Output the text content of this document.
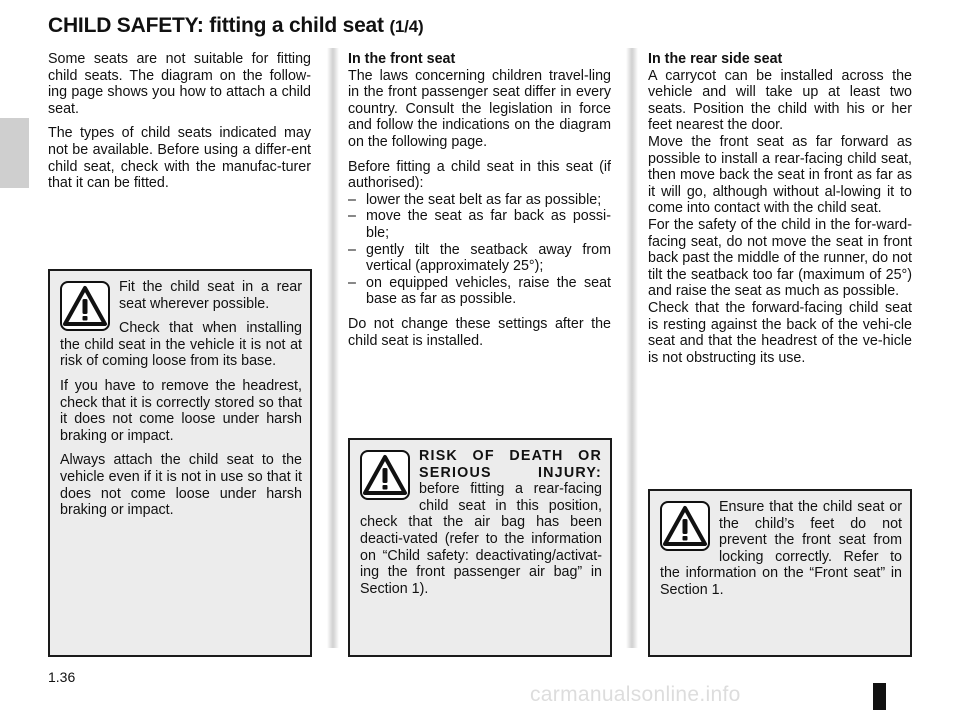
CHILD SAFETY: fitting a child seat (1/4)

Some seats are not suitable for fitting child seats. The diagram on the follow-ing page shows you how to attach a child seat.

The types of child seats indicated may not be available. Before using a differ-ent child seat, check with the manufac-turer that it can be fitted.

Fit the child seat in a rear seat wherever possible.

Check that when installing the child seat in the vehicle it is not at risk of coming loose from its base.

If you have to remove the headrest, check that it is correctly stored so that it does not come loose under harsh braking or impact.

Always attach the child seat to the vehicle even if it is not in use so that it does not come loose under harsh braking or impact.

In the front seat

The laws concerning children travel-ling in the front passenger seat differ in every country. Consult the legislation in force and follow the indications on the diagram on the following page.

Before fitting a child seat in this seat (if authorised):

– lower the seat belt as far as possible;
– move the seat as far back as possi-ble;
– gently tilt the seatback away from vertical (approximately 25°);
– on equipped vehicles, raise the seat base as far as possible.

Do not change these settings after the child seat is installed.

RISK OF DEATH OR SERIOUS INJURY: before fitting a rear-facing child seat in this position, check that the air bag has been deacti-vated (refer to the information on “Child safety: deactivating/activat-ing the front passenger air bag” in Section 1).

In the rear side seat

A carrycot can be installed across the vehicle and will take up at least two seats. Position the child with his or her feet nearest the door.

Move the front seat as far forward as possible to install a rear-facing child seat, then move back the seat in front as far as it will go, although without al-lowing it to come into contact with the child seat.

For the safety of the child in the for-ward-facing seat, do not move the seat in front back past the middle of the runner, do not tilt the seatback too far (maximum of 25°) and raise the seat as much as possible.

Check that the forward-facing child seat is resting against the back of the vehi-cle seat and that the headrest of the ve-hicle is not obstructing its use.

Ensure that the child seat or the child’s feet do not prevent the front seat from locking correctly. Refer to the information on the “Front seat” in Section 1.

1.36
carmanualsonline.info
